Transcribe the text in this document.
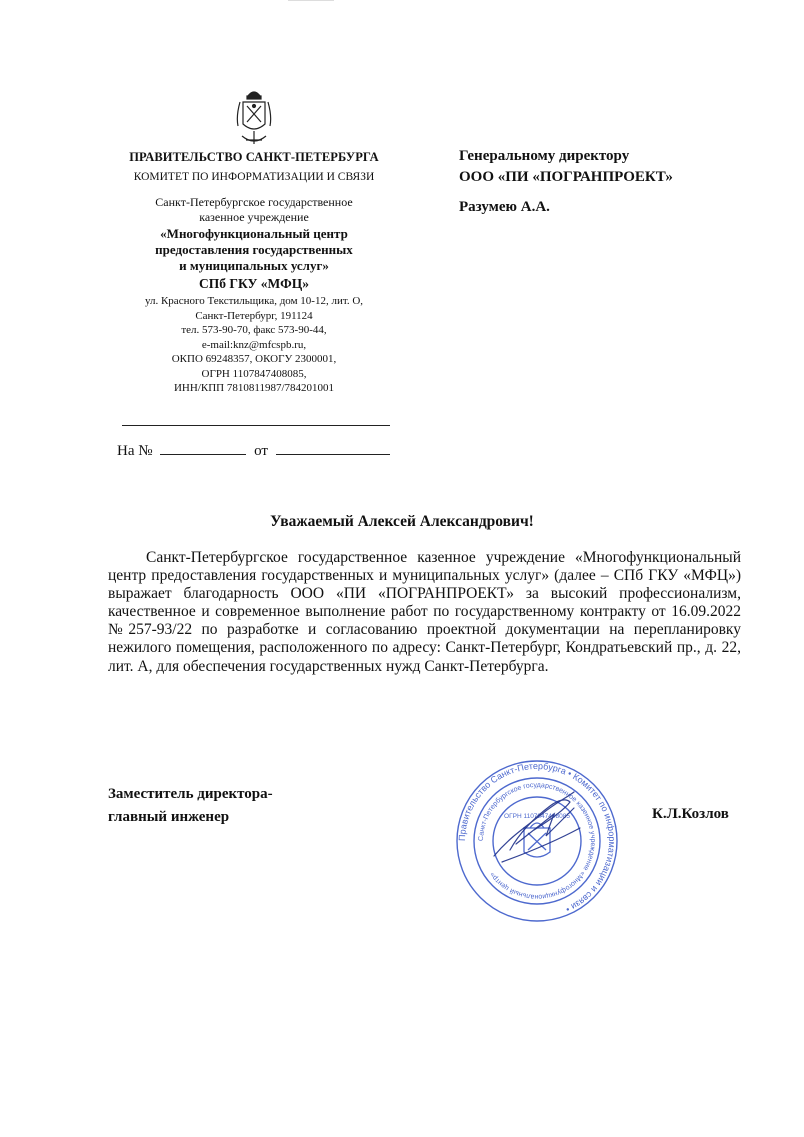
ПРАВИТЕЛЬСТВО САНКТ-ПЕТЕРБУРГА
КОМИТЕТ ПО ИНФОРМАТИЗАЦИИ И СВЯЗИ
Санкт-Петербургское государственное
казенное учреждение
«Многофункциональный центр
предоставления государственных
и муниципальных услуг»
СПб ГКУ «МФЦ»
ул. Красного Текстильщика, дом 10-12, лит. О,
Санкт-Петербург, 191124
тел. 573-90-70, факс 573-90-44,
e-mail:knz@mfcspb.ru,
ОКПО 69248357, ОКОГУ 2300001,
ОГРН 1107847408085,
ИНН/КПП 7810811987/784201001
На №	от
Генеральному директору
ООО «ПИ «ПОГРАНПРОЕКТ»
Разумею А.А.
Уважаемый Алексей Александрович!
Санкт-Петербургское государственное казенное учреждение «Многофункциональный центр предоставления государственных и муниципальных услуг» (далее – СПб ГКУ «МФЦ») выражает благодарность ООО «ПИ «ПОГРАНПРОЕКТ» за высокий профессионализм, качественное и современное выполнение работ по государственному контракту от 16.09.2022 №257-93/22 по разработке и согласованию проектной документации на перепланировку нежилого помещения, расположенного по адресу: Санкт-Петербург, Кондратьевский пр., д. 22, лит. А, для обеспечения государственных нужд Санкт-Петербурга.
Заместитель директора-
главный инженер	К.Л.Козлов
Правительство Санкт-Петербурга • Комитет по информатизации и связи •
Санкт-Петербургское государственное казенное учреждение «Многофункциональный центр»
ОГРН 1107847408085
